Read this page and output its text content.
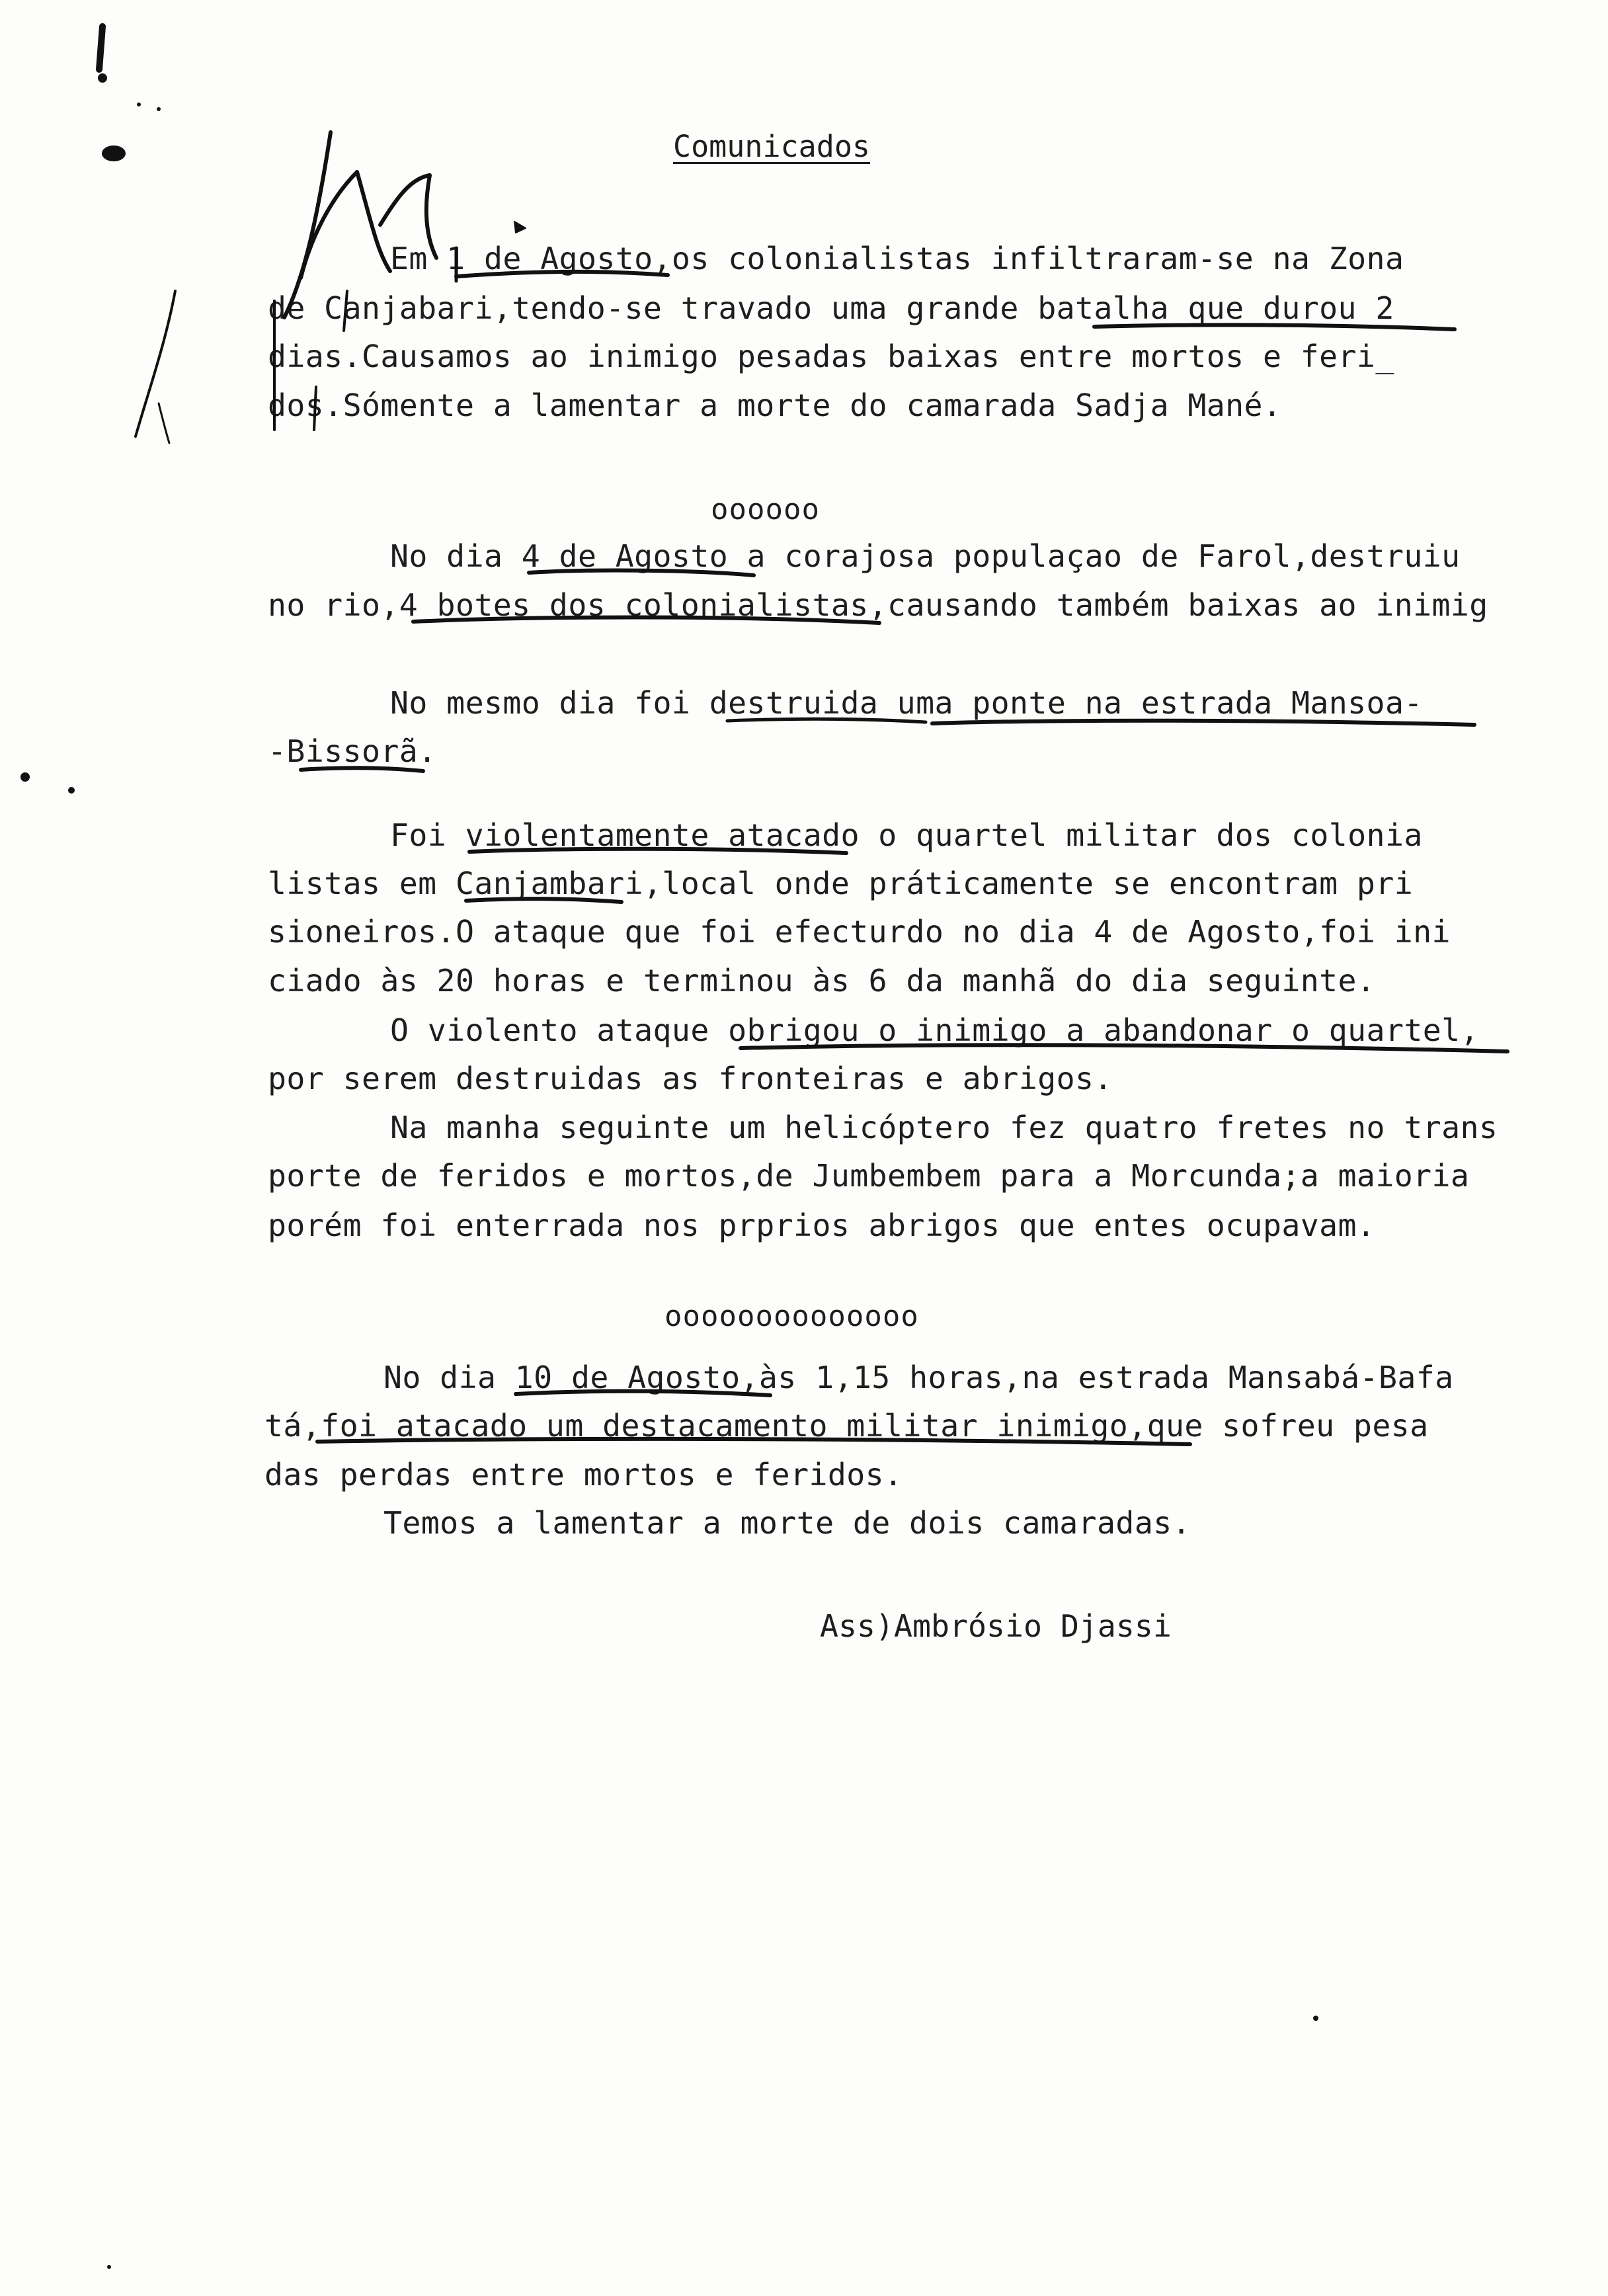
Comunicados
Em 1 de Agosto,os colonialistas infiltraram-se na Zona
de Canjabari,tendo-se travado uma grande batalha que durou 2
dias.Causamos ao inimigo pesadas baixas entre mortos e feri_
dos.Sómente a lamentar a morte do camarada Sadja Mané.
oooooo
No dia 4 de Agosto a corajosa populaçao de Farol,destruiu
no rio,4 botes dos colonialistas,causando também baixas ao inimig
No mesmo dia foi destruida uma ponte na estrada Mansoa-
-Bissorã.
Foi violentamente atacado o quartel militar dos colonia
listas em Canjambari,local onde práticamente se encontram pri
sioneiros.O ataque que foi efecturdo no dia 4 de Agosto,foi ini
ciado às 20 horas e terminou às 6 da manhã do dia seguinte.
O violento ataque obrigou o inimigo a abandonar o quartel,
por serem destruidas as fronteiras e abrigos.
Na manha seguinte um helicóptero fez quatro fretes no trans
porte de feridos e mortos,de Jumbembem para a Morcunda;a maioria
porém foi enterrada nos prprios abrigos que entes ocupavam.
oooooooooooooo
No dia 10 de Agosto,às 1,15 horas,na estrada Mansabá-Bafa
tá,foi atacado um destacamento militar inimigo,que sofreu pesa
das perdas entre mortos e feridos.
Temos a lamentar a morte de dois camaradas.
Ass)Ambrósio Djassi
